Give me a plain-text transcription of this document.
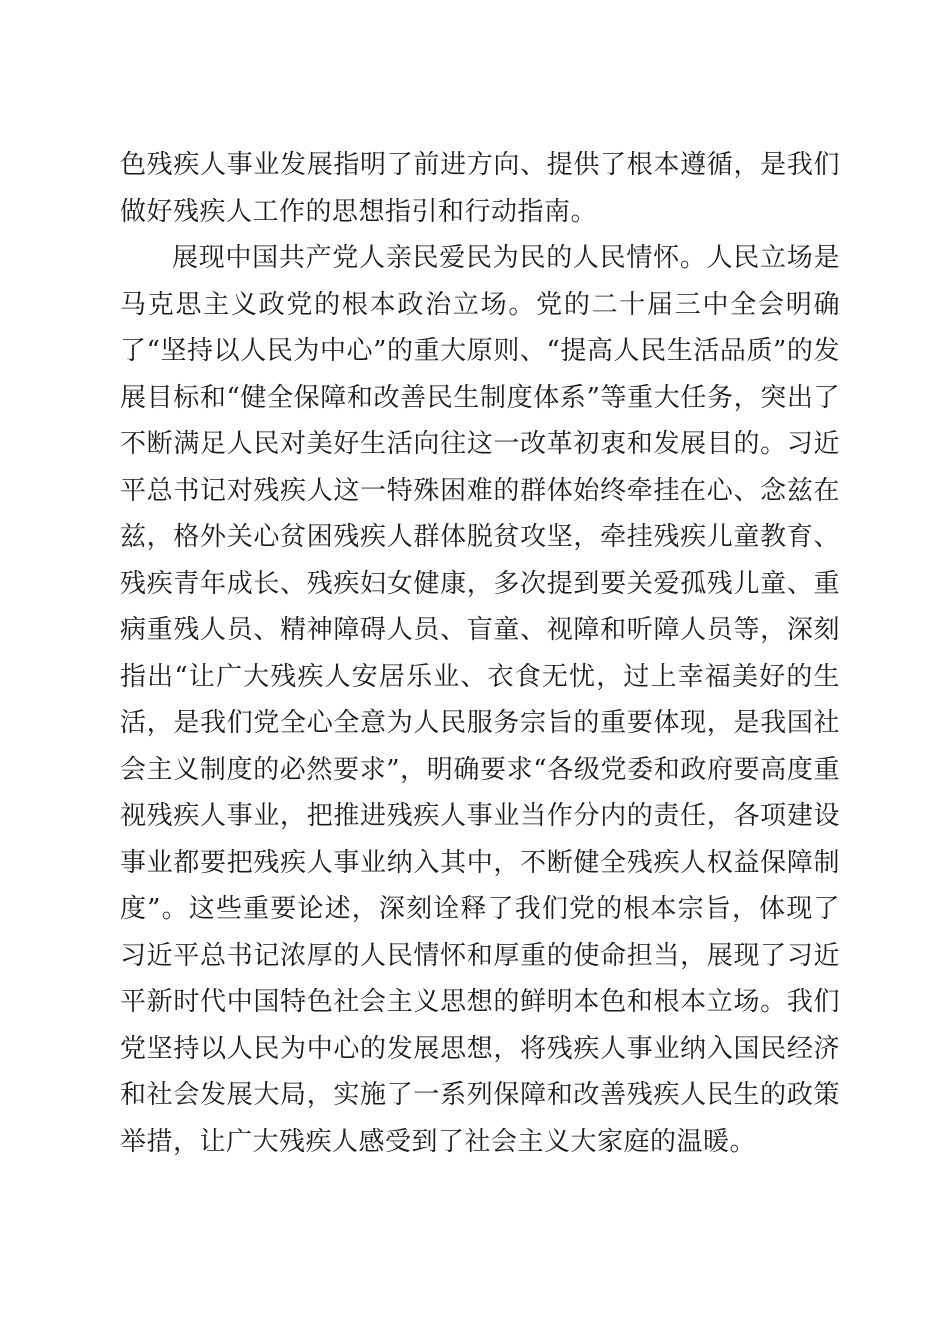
色残疾人事业发展指明了前进方向、提供了根本遵循，是我们做好残疾人工作的思想指引和行动指南。

展现中国共产党人亲民爱民为民的人民情怀。人民立场是马克思主义政党的根本政治立场。党的二十届三中全会明确了“坚持以人民为中心”的重大原则、“提高人民生活品质”的发展目标和“健全保障和改善民生制度体系”等重大任务，突出了不断满足人民对美好生活向往这一改革初衷和发展目的。习近平总书记对残疾人这一特殊困难的群体始终牵挂在心、念兹在兹，格外关心贫困残疾人群体脱贫攻坚，牵挂残疾儿童教育、残疾青年成长、残疾妇女健康，多次提到要关爱孤残儿童、重病重残人员、精神障碍人员、盲童、视障和听障人员等，深刻指出“让广大残疾人安居乐业、衣食无忧，过上幸福美好的生活，是我们党全心全意为人民服务宗旨的重要体现，是我国社会主义制度的必然要求”，明确要求“各级党委和政府要高度重视残疾人事业，把推进残疾人事业当作分内的责任，各项建设事业都要把残疾人事业纳入其中，不断健全残疾人权益保障制度”。这些重要论述，深刻诠释了我们党的根本宗旨，体现了习近平总书记浓厚的人民情怀和厚重的使命担当，展现了习近平新时代中国特色社会主义思想的鲜明本色和根本立场。我们党坚持以人民为中心的发展思想，将残疾人事业纳入国民经济和社会发展大局，实施了一系列保障和改善残疾人民生的政策举措，让广大残疾人感受到了社会主义大家庭的温暖。
